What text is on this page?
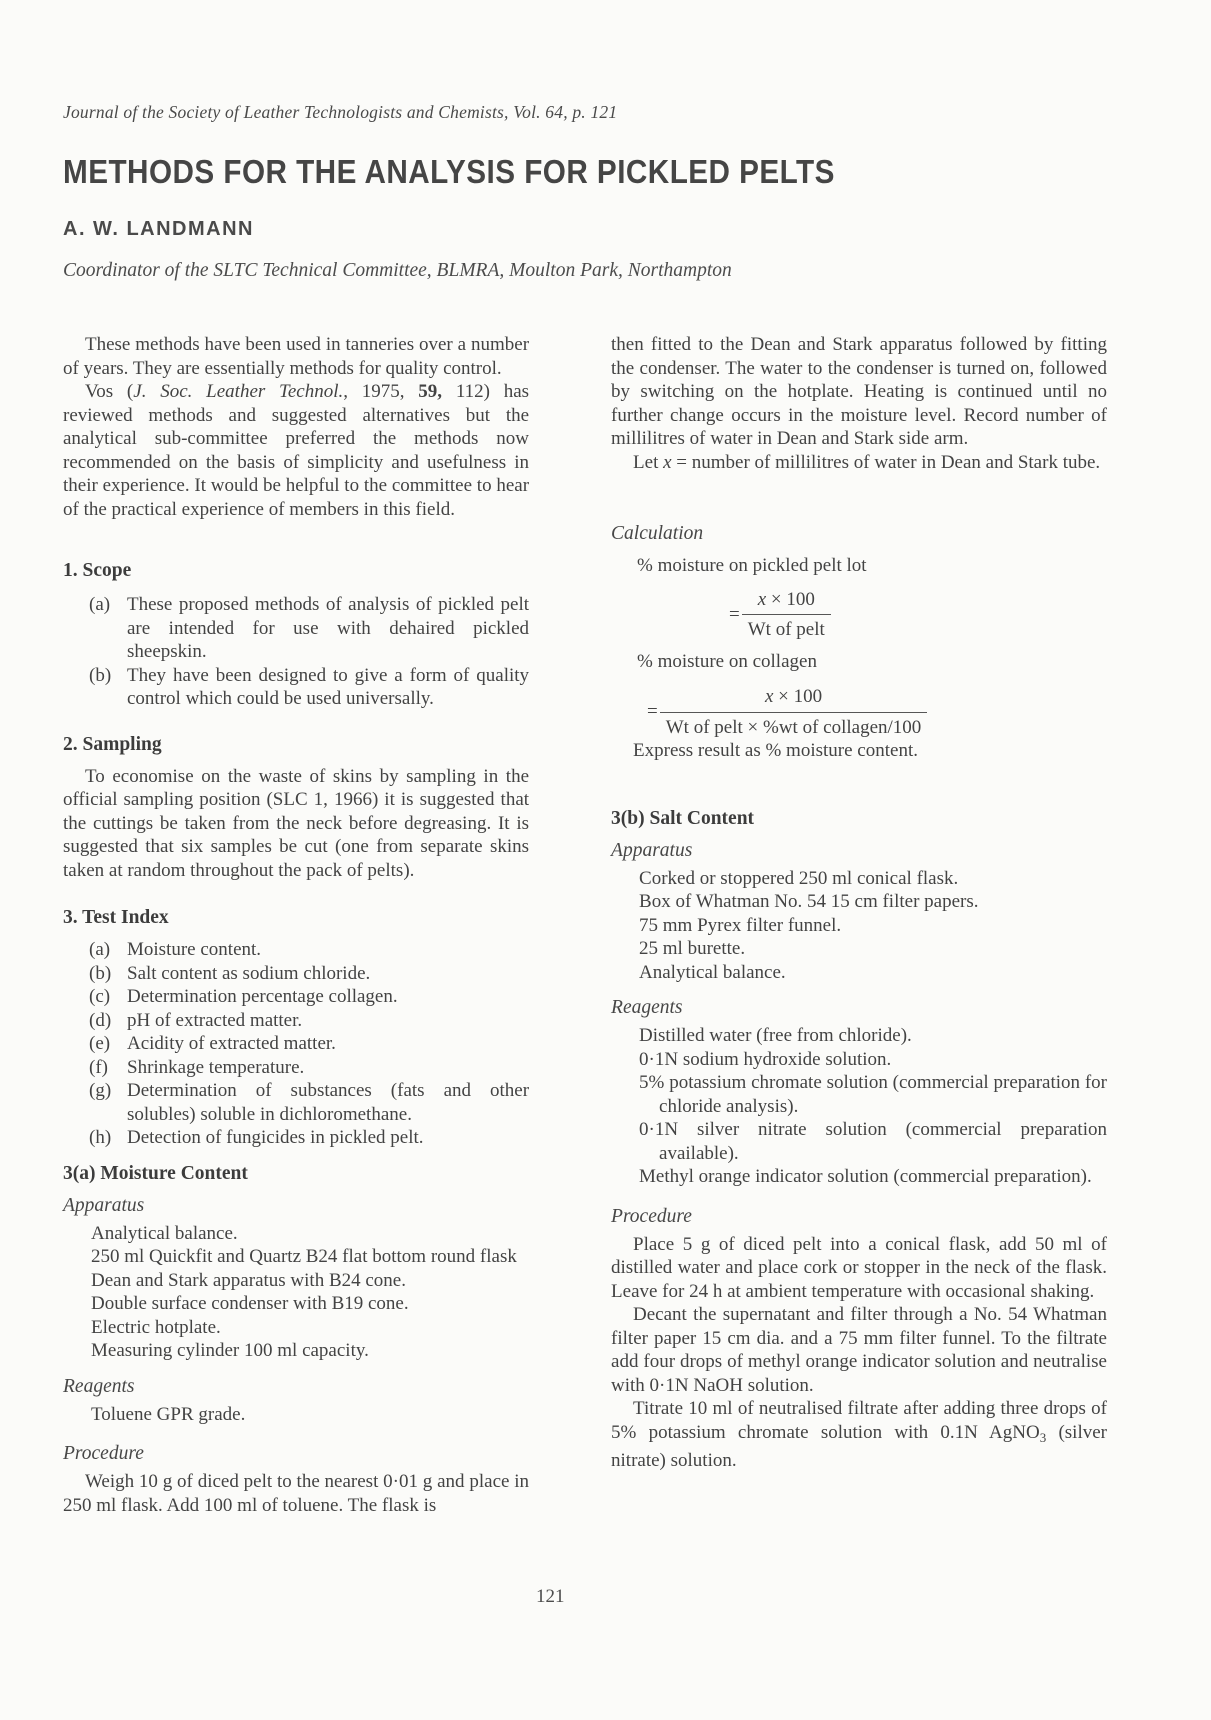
Journal of the Society of Leather Technologists and Chemists, Vol. 64, p. 121
METHODS FOR THE ANALYSIS FOR PICKLED PELTS
A. W. LANDMANN
Coordinator of the SLTC Technical Committee, BLMRA, Moulton Park, Northampton

These methods have been used in tanneries over a number of years. They are essentially methods for quality control.

Vos (J. Soc. Leather Technol., 1975, 59, 112) has reviewed methods and suggested alternatives but the analytical sub-committee preferred the methods now recommended on the basis of simplicity and usefulness in their experience. It would be helpful to the committee to hear of the practical experience of members in this field.

1. Scope
(a) These proposed methods of analysis of pickled pelt are intended for use with dehaired pickled sheepskin.
(b) They have been designed to give a form of quality control which could be used universally.
2. Sampling

To economise on the waste of skins by sampling in the official sampling position (SLC 1, 1966) it is suggested that the cuttings be taken from the neck before degreasing. It is suggested that six samples be cut (one from separate skins taken at random throughout the pack of pelts).

3. Test Index
(a) Moisture content.
(b) Salt content as sodium chloride.
(c) Determination percentage collagen.
(d) pH of extracted matter.
(e) Acidity of extracted matter.
(f) Shrinkage temperature.
(g) Determination of substances (fats and other solubles) soluble in dichloromethane.
(h) Detection of fungicides in pickled pelt.
3(a) Moisture Content
Apparatus
Analytical balance.
250 ml Quickfit and Quartz B24 flat bottom round flask
Dean and Stark apparatus with B24 cone.
Double surface condenser with B19 cone.
Electric hotplate.
Measuring cylinder 100 ml capacity.
Reagents
Toluene GPR grade.
Procedure

Weigh 10 g of diced pelt to the nearest 0·01 g and place in 250 ml flask. Add 100 ml of toluene. The flask is

then fitted to the Dean and Stark apparatus followed by fitting the condenser. The water to the condenser is turned on, followed by switching on the hotplate. Heating is continued until no further change occurs in the moisture level. Record number of millilitres of water in Dean and Stark side arm.

Let x = number of millilitres of water in Dean and Stark tube.

Calculation
% moisture on pickled pelt lot
= $\frac{x \times 100}{\text{Wt of pelt}}$
% moisture on collagen
= $\frac{x \times 100}{\text{Wt of pelt × \%wt of collagen/100}}$

Express result as % moisture content.

3(b) Salt Content
Apparatus
Corked or stoppered 250 ml conical flask.
Box of Whatman No. 54 15 cm filter papers.
75 mm Pyrex filter funnel.
25 ml burette.
Analytical balance.
Reagents
Distilled water (free from chloride).
0·1N sodium hydroxide solution.
5% potassium chromate solution (commercial preparation for chloride analysis).
0·1N silver nitrate solution (commercial preparation available).
Methyl orange indicator solution (commercial preparation).
Procedure

Place 5 g of diced pelt into a conical flask, add 50 ml of distilled water and place cork or stopper in the neck of the flask. Leave for 24 h at ambient temperature with occasional shaking.

Decant the supernatant and filter through a No. 54 Whatman filter paper 15 cm dia. and a 75 mm filter funnel. To the filtrate add four drops of methyl orange indicator solution and neutralise with 0·1N NaOH solution.

Titrate 10 ml of neutralised filtrate after adding three drops of 5% potassium chromate solution with 0.1N AgNO$_3$ (silver nitrate) solution.

121
